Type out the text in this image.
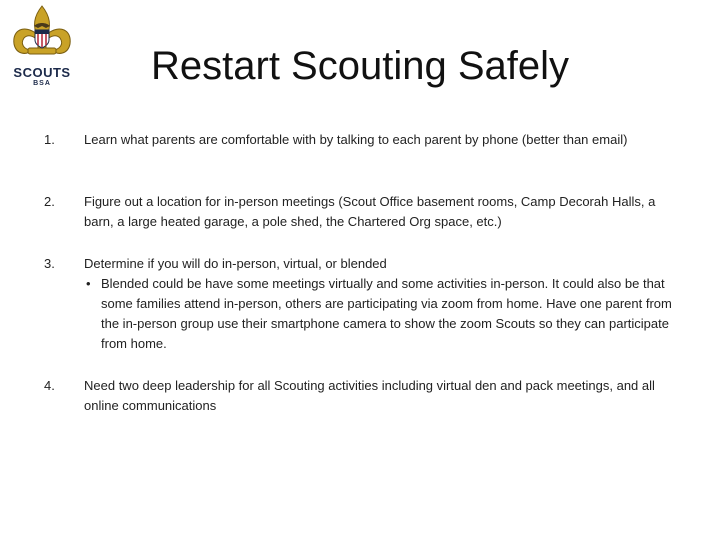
SCOUTS
BSA	Restart Scouting Safely
1. Learn what parents are comfortable with by talking to each parent by phone (better than email)
2. Figure out a location for in-person meetings (Scout Office basement rooms, Camp Decorah Halls, a barn, a large heated garage, a pole shed, the Chartered Org space, etc.)
3. Determine if you will do in-person, virtual, or blended
• Blended could be have some meetings virtually and some activities in-person. It could also be that some families attend in-person, others are participating via zoom from home. Have one parent from the in-person group use their smartphone camera to show the zoom Scouts so they can participate from home.
4. Need two deep leadership for all Scouting activities including virtual den and pack meetings, and all online communications
